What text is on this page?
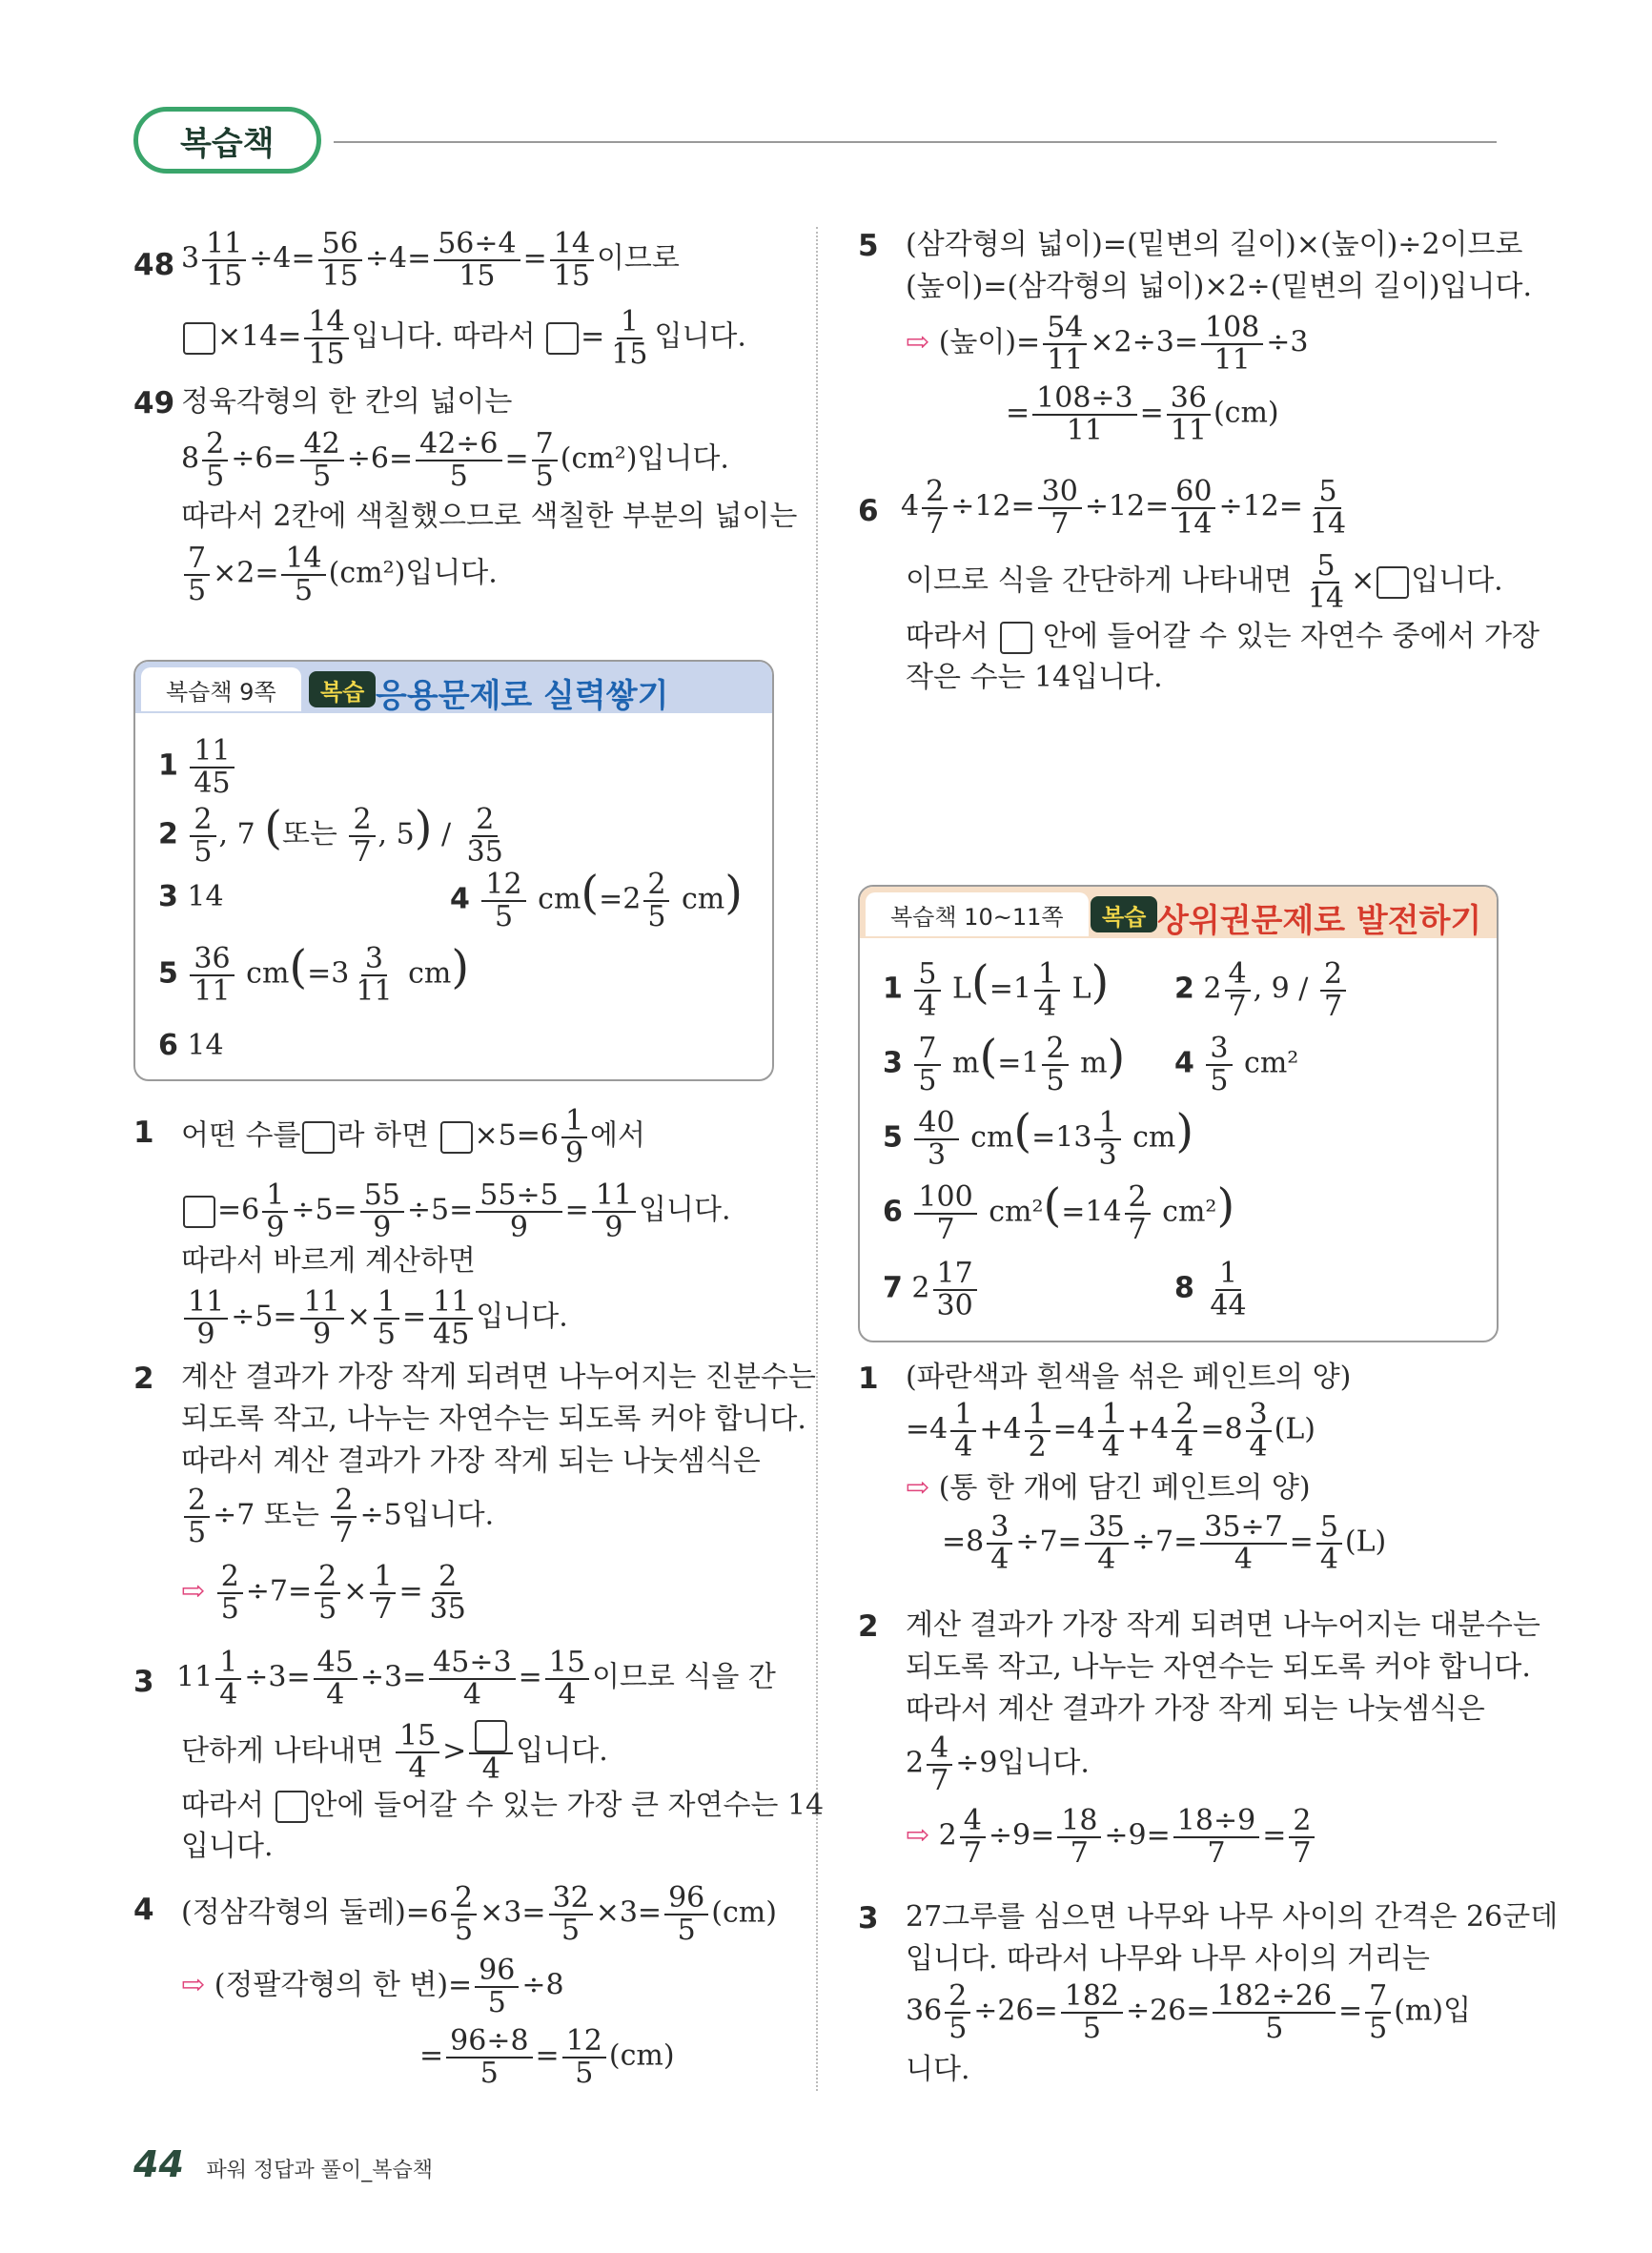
복습책
48 $3 \frac{11}{15} \div 4= \frac{56}{15} \div 4= \frac{56\div 4}{15} = \frac{14}{15}$ 이므로
$\times 14= \frac{14}{15}$ 입니다. 따라서 = $\frac{1}{15}$ 입니다.
49 정육각형의 한 칸의 넓이는
$8 \frac{2}{5} \div 6= \frac{42}{5} \div 6= \frac{42\div 6}{5} = \frac{7}{5} (cm^2)$입니다.
따라서 2칸에 색칠했으므로 색칠한 부분의 넓이는
$\frac{7}{5} \times 2= \frac{14}{5} (cm^2)$입니다.
복습책 9쪽	복습 응용문제로 실력쌓기
$1 \frac{11}{45}$
$2 \frac{2}{5}$ , 7 (또는 $\frac{2}{7}$ , $5) / \frac{2}{35}$
3 14	$4 \frac{12}{5} cm(=2 \frac{2}{5} cm)$
$5 \frac{36}{11} cm(=3 \frac{3}{11} cm)$
6 14
1 어떤 수를 라 하면 $\times 5=6 \frac{1}{9}$ 에서
$=6 \frac{1}{9} \div 5= \frac{55}{9} \div 5= \frac{55\div 5}{9} = \frac{11}{9}$ 입니다.
따라서 바르게 계산하면
$\frac{11}{9} \div 5= \frac{11}{9} \times \frac{1}{5} = \frac{11}{45}$ 입니다.
2 계산 결과가 가장 작게 되려면 나누어지는 진분수는
되도록 작고, 나누는 자연수는 되도록 커야 합니다.
따라서 계산 결과가 가장 작게 되는 나눗셈식은
$\frac{2}{5} \div 7$ 또는 $\frac{2}{7} \div 5$입니다.
⇨ $\frac{2}{5} \div 7= \frac{2}{5} \times \frac{1}{7} = \frac{2}{35}$
3 $11 \frac{1}{4} \div 3= \frac{45}{4} \div 3= \frac{45\div 3}{4} = \frac{15}{4}$ 이므로 식을 간
단하게 나타내면 $\frac{15}{4}$ >
4
입니다.
따라서 안에 들어갈 수 있는 가장 큰 자연수는 14
입니다.
4 (정삼각형의 둘레)$=6 \frac{2}{5} \times 3= \frac{32}{5} \times 3= \frac{96}{5} (cm)$
⇨ (정팔각형의 한 변)= $\frac{96}{5} \div 8$
= $\frac{96\div 8}{5} = \frac{12}{5} (cm)$
5 (삼각형의 넓이)=(밑변의 길이)×(높이)÷2이므로
(높이)=(삼각형의 넓이)×2÷(밑변의 길이)입니다.
⇨ (높이)= $\frac{54}{11} \times 2\div 3= \frac{108}{11} \div 3$
= $\frac{108\div 3}{11} = \frac{36}{11} (cm)$
6 $4 \frac{2}{7} \div 12= \frac{30}{7} \div 12= \frac{60}{14} \div 12= \frac{5}{14}$
이므로 식을 간단하게 나타내면 $\frac{5}{14}$ × 입니다.
따라서 안에 들어갈 수 있는 자연수 중에서 가장
작은 수는 14입니다.
복습책 10~11쪽	복습 상위권문제로 발전하기
$1 \frac{5}{4} L(=1 \frac{1}{4} L)$ 2 $2 \frac{4}{7}$ , $9 / \frac{2}{7}$
$3 \frac{7}{5} m(=1 \frac{2}{5} m)$ $4 \frac{3}{5} cm^2$
$5 \frac{40}{3} cm(=13 \frac{1}{3} cm)$
$6 \frac{100}{7} cm^2(=14 \frac{2}{7} cm^2)$
7 $2 \frac{17}{30}$	$8 \frac{1}{44}$
1 (파란색과 흰색을 섞은 페인트의 양)
$=4 \frac{1}{4} +4 \frac{1}{2} =4 \frac{1}{4} +4 \frac{2}{4} =8 \frac{3}{4} (L)$
⇨ (통 한 개에 담긴 페인트의 양)
$=8 \frac{3}{4} \div 7= \frac{35}{4} \div 7= \frac{35\div 7}{4} = \frac{5}{4} (L)$
2 계산 결과가 가장 작게 되려면 나누어지는 대분수는
되도록 작고, 나누는 자연수는 되도록 커야 합니다.
따라서 계산 결과가 가장 작게 되는 나눗셈식은
$2 \frac{4}{7} \div 9$입니다.
⇨ $2 \frac{4}{7} \div 9= \frac{18}{7} \div 9= \frac{18\div 9}{7} = \frac{2}{7}$
3 27그루를 심으면 나무와 나무 사이의 간격은 26군데
입니다. 따라서 나무와 나무 사이의 거리는
$36 \frac{2}{5} \div 26= \frac{182}{5} \div 26= \frac{182\div 26}{5} = \frac{7}{5} (m)$입
니다.
44 파워 정답과 풀이_복습책
